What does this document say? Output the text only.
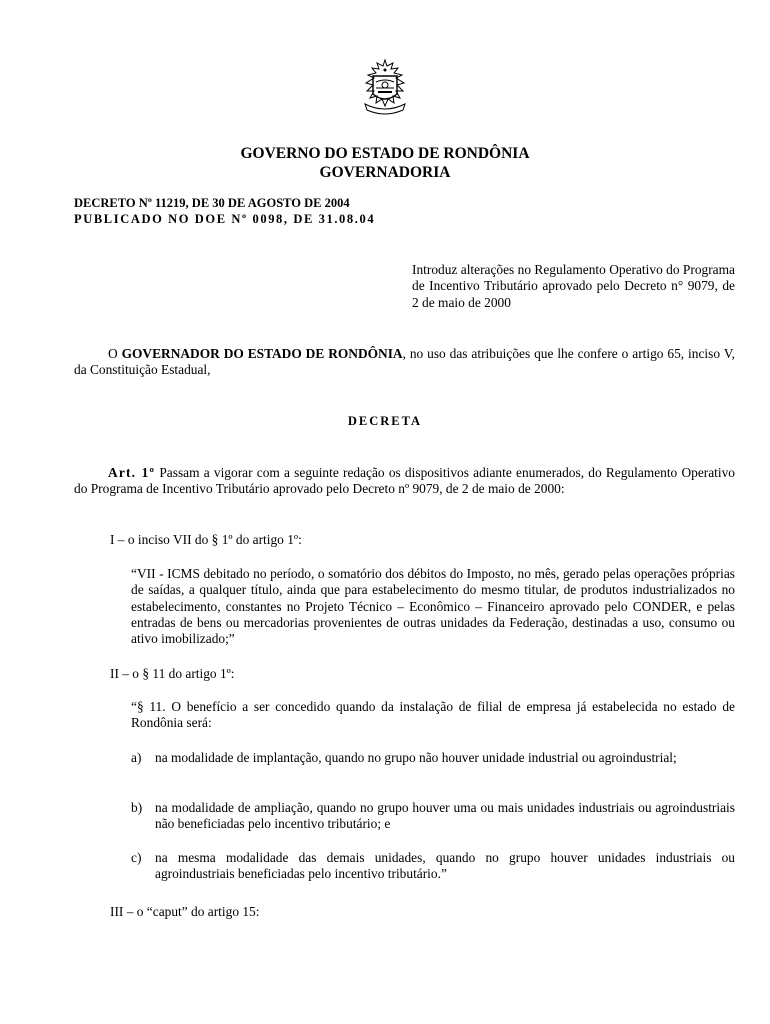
GOVERNO DO ESTADO DE RONDÔNIA
GOVERNADORIA
DECRETO Nº 11219, DE 30 DE AGOSTO DE 2004
PUBLICADO NO DOE Nº 0098, DE 31.08.04

Introduz alterações no Regulamento Operativo do Programa de Incentivo Tributário aprovado pelo Decreto n° 9079, de 2 de maio de 2000

O GOVERNADOR DO ESTADO DE RONDÔNIA, no uso das atribuições que lhe confere o artigo 65, inciso V, da Constituição Estadual,

DECRETA

Art. 1º Passam a vigorar com a seguinte redação os dispositivos adiante enumerados, do Regulamento Operativo do Programa de Incentivo Tributário aprovado pelo Decreto nº 9079, de 2 de maio de 2000:

I – o inciso VII do § 1º do artigo 1º:

“VII - ICMS debitado no período, o somatório dos débitos do Imposto, no mês, gerado pelas operações próprias de saídas, a qualquer título, ainda que para estabelecimento do mesmo titular, de produtos industrializados no estabelecimento, constantes no Projeto Técnico – Econômico – Financeiro aprovado pelo CONDER, e pelas entradas de bens ou mercadorias provenientes de outras unidades da Federação, destinadas a uso, consumo ou ativo imobilizado;”

II – o § 11 do artigo 1º:

“§ 11. O benefício a ser concedido quando da instalação de filial de empresa já estabelecida no estado de Rondônia será:

a) na modalidade de implantação, quando no grupo não houver unidade industrial ou agroindustrial;
b) na modalidade de ampliação, quando no grupo houver uma ou mais unidades industriais ou agroindustriais não beneficiadas pelo incentivo tributário; e
c) na mesma modalidade das demais unidades, quando no grupo houver unidades industriais ou agroindustriais beneficiadas pelo incentivo tributário.”

III – o “caput” do artigo 15:
